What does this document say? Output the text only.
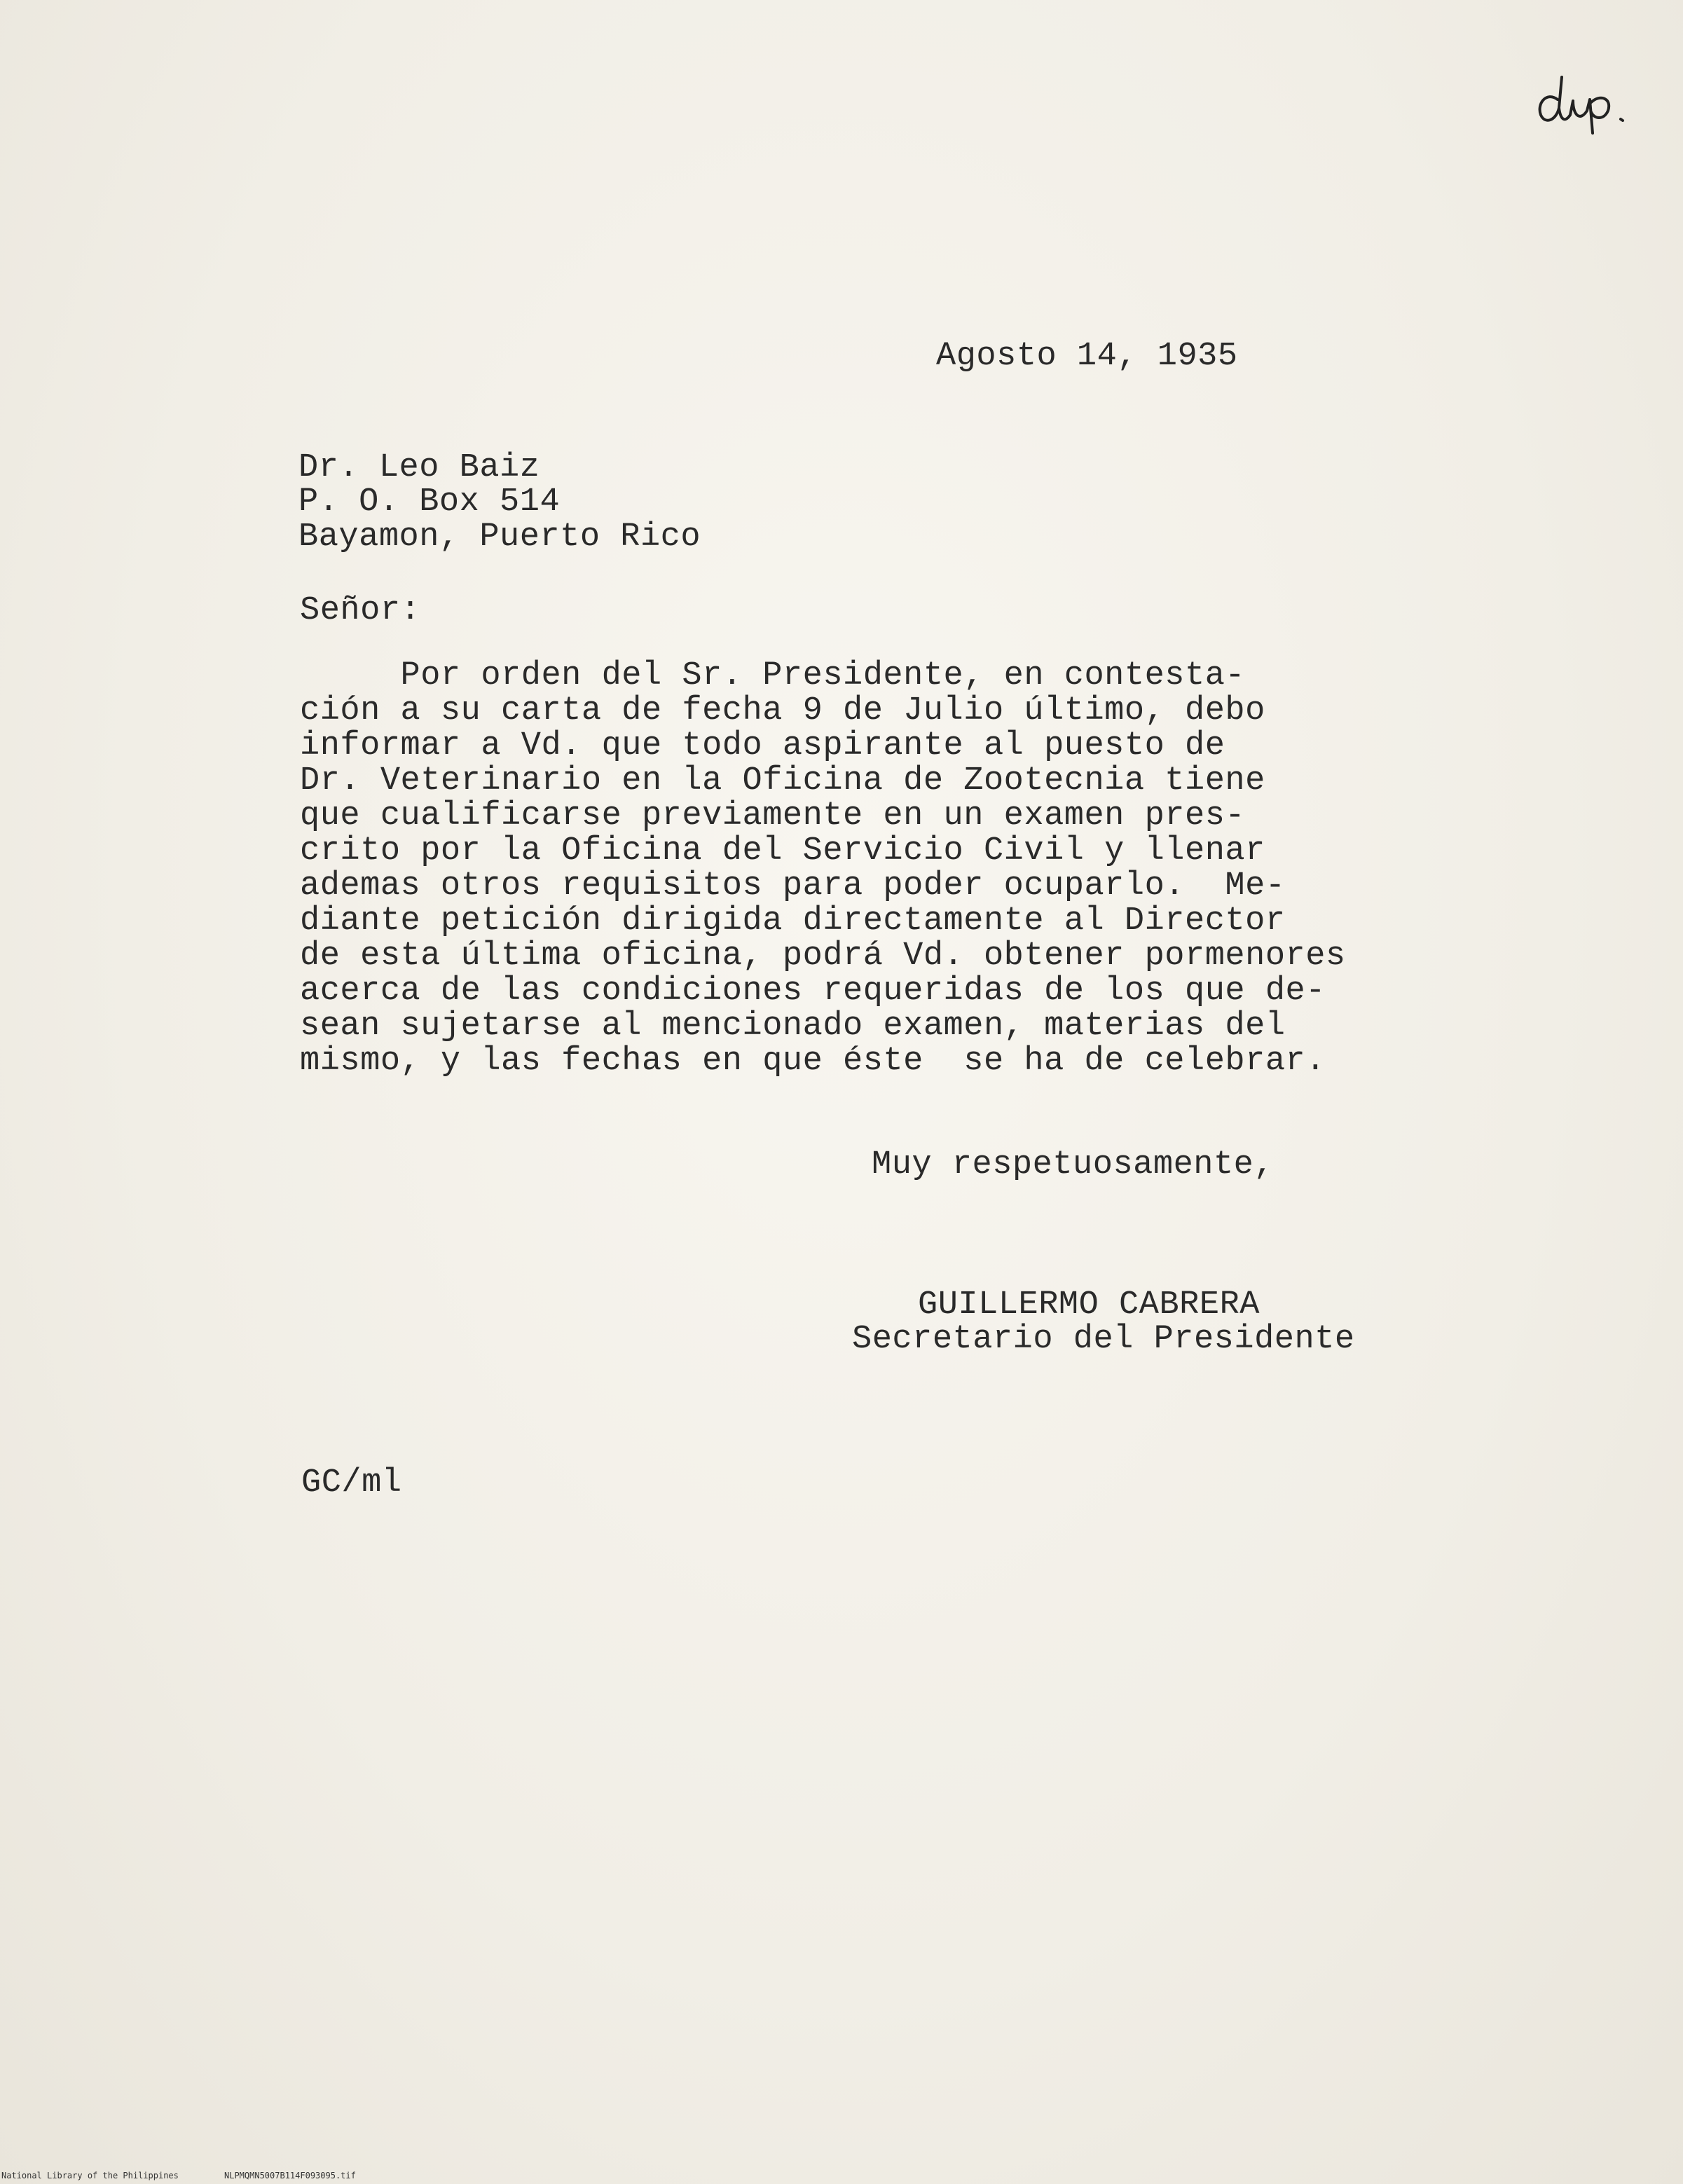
Agosto 14, 1935

Dr. Leo Baiz

P. O. Box 514

Bayamon, Puerto Rico

Señor:

Por orden del Sr. Presidente, en contesta-

ción a su carta de fecha 9 de Julio último, debo

informar a Vd. que todo aspirante al puesto de

Dr. Veterinario en la Oficina de Zootecnia tiene

que cualificarse previamente en un examen pres-

crito por la Oficina del Servicio Civil y llenar

ademas otros requisitos para poder ocuparlo.  Me-

diante petición dirigida directamente al Director

de esta última oficina, podrá Vd. obtener pormenores

acerca de las condiciones requeridas de los que de-

sean sujetarse al mencionado examen, materias del

mismo, y las fechas en que éste  se ha de celebrar.

Muy respetuosamente,

GUILLERMO CABRERA

Secretario del Presidente

GC/ml

National Library of the Philippines	NLPMQMN5007B114F093095.tif
